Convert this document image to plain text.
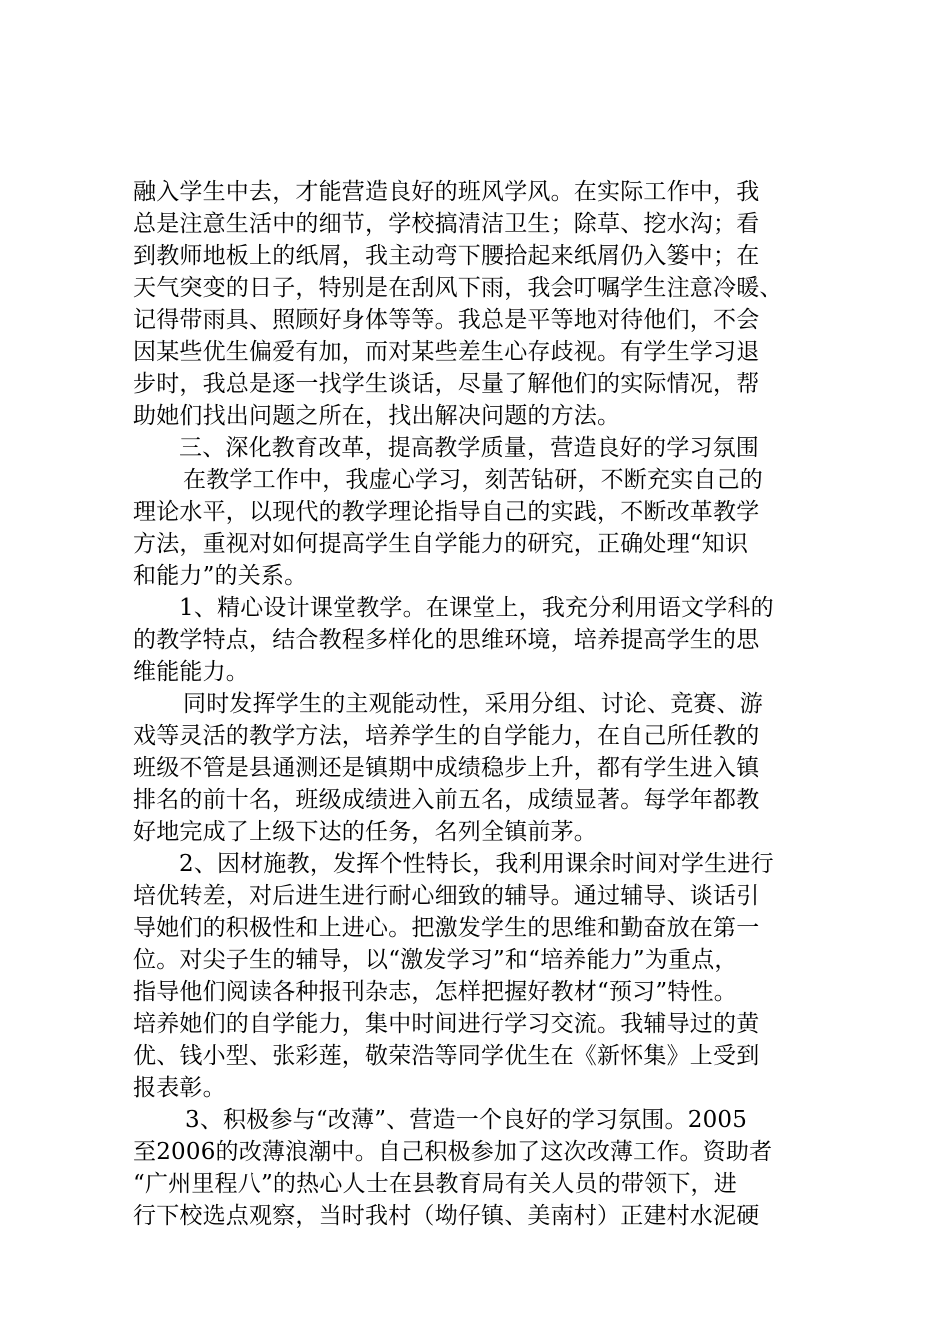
融入学生中去，才能营造良好的班风学风。在实际工作中，我
总是注意生活中的细节，学校搞清洁卫生；除草、挖水沟；看
到教师地板上的纸屑，我主动弯下腰拾起来纸屑仍入篓中；在
天气突变的日子，特别是在刮风下雨，我会叮嘱学生注意冷暖、
记得带雨具、照顾好身体等等。我总是平等地对待他们，不会
因某些优生偏爱有加，而对某些差生心存歧视。有学生学习退
步时，我总是逐一找学生谈话，尽量了解他们的实际情况，帮
助她们找出问题之所在，找出解决问题的方法。
三、深化教育改革，提高教学质量，营造良好的学习氛围
在教学工作中，我虚心学习，刻苦钻研，不断充实自己的
理论水平，以现代的教学理论指导自己的实践，不断改革教学
方法，重视对如何提高学生自学能力的研究，正确处理“知识
和能力”的关系。
1、精心设计课堂教学。在课堂上，我充分利用语文学科的
的教学特点，结合教程多样化的思维环境，培养提高学生的思
维能能力。
同时发挥学生的主观能动性，采用分组、讨论、竞赛、游
戏等灵活的教学方法，培养学生的自学能力，在自己所任教的
班级不管是县通测还是镇期中成绩稳步上升，都有学生进入镇
排名的前十名，班级成绩进入前五名，成绩显著。每学年都教
好地完成了上级下达的任务，名列全镇前茅。
2、因材施教，发挥个性特长，我利用课余时间对学生进行
培优转差，对后进生进行耐心细致的辅导。通过辅导、谈话引
导她们的积极性和上进心。把激发学生的思维和勤奋放在第一
位。对尖子生的辅导，以“激发学习”和“培养能力”为重点，
指导他们阅读各种报刊杂志，怎样把握好教材“预习”特性。
培养她们的自学能力，集中时间进行学习交流。我辅导过的黄
优、钱小型、张彩莲，敬荣浩等同学优生在《新怀集》上受到
报表彰。
3、积极参与“改薄”、营造一个良好的学习氛围。2005
至2006的改薄浪潮中。自己积极参加了这次改薄工作。资助者
“广州里程八”的热心人士在县教育局有关人员的带领下，进
行下校选点观察，当时我村（坳仔镇、美南村）正建村水泥硬
